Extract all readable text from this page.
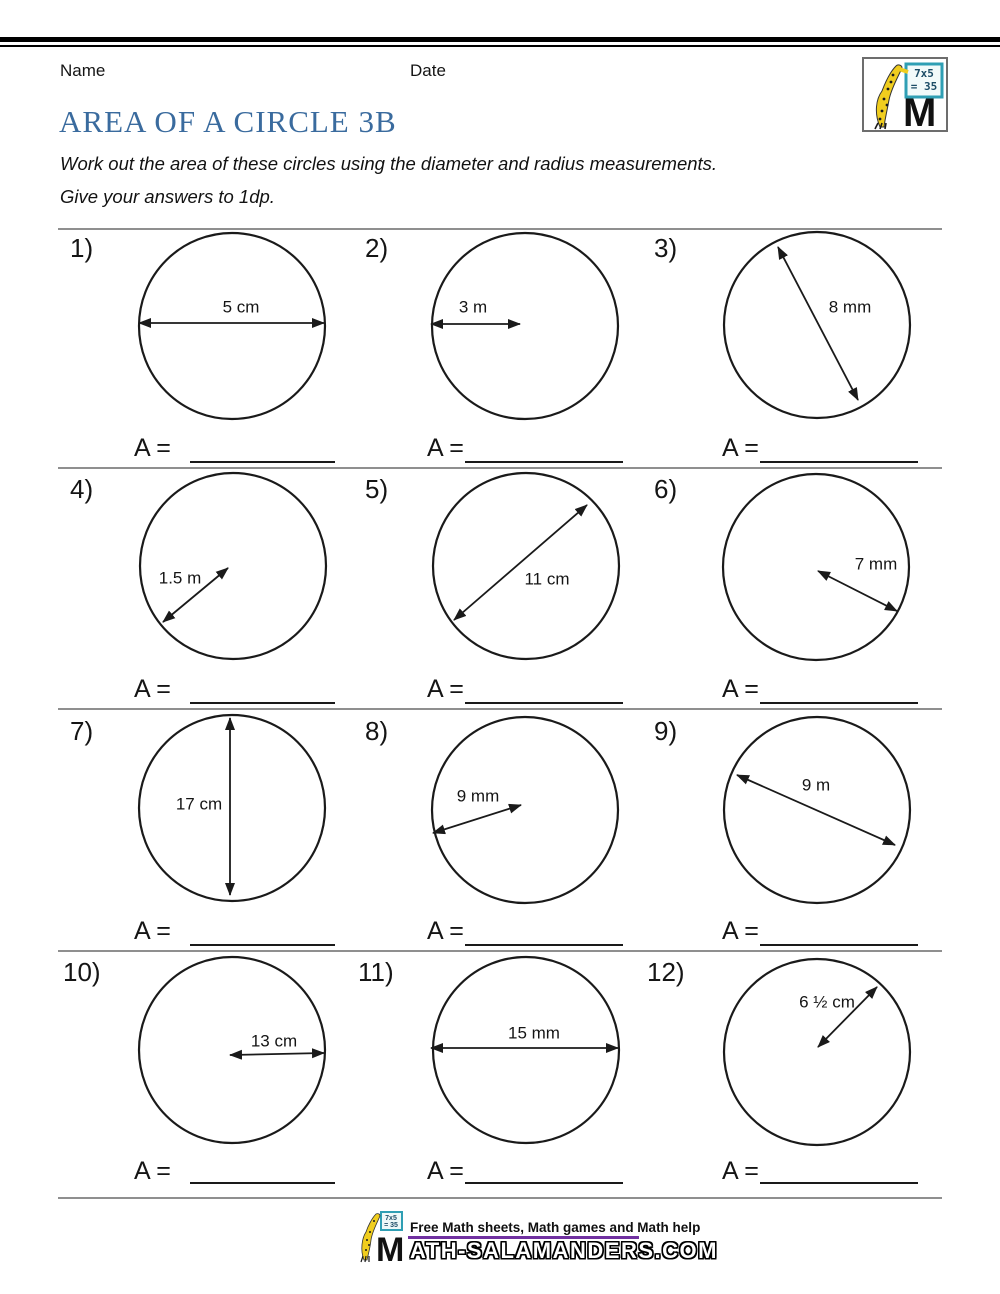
Name	Date	7x5
= 35
M
AREA OF A CIRCLE 3B
Work out the area of these circles using the diameter and radius measurements.
Give your answers to 1dp.
7x5
= 35
M
Free Math sheets, Math games and Math help
ATH-SALAMANDERS.COM
1)
5 cm
A =
2)
3 m
A =
3)
8 mm
A =
4)
1.5 m
A =
5)
11 cm
A =
6)
7 mm
A =
7)
17 cm
A =
8)
9 mm
A =
9)
9 m
A =
10)
13 cm
A =
11)
15 mm
A =
12)
6 ½ cm
A =
